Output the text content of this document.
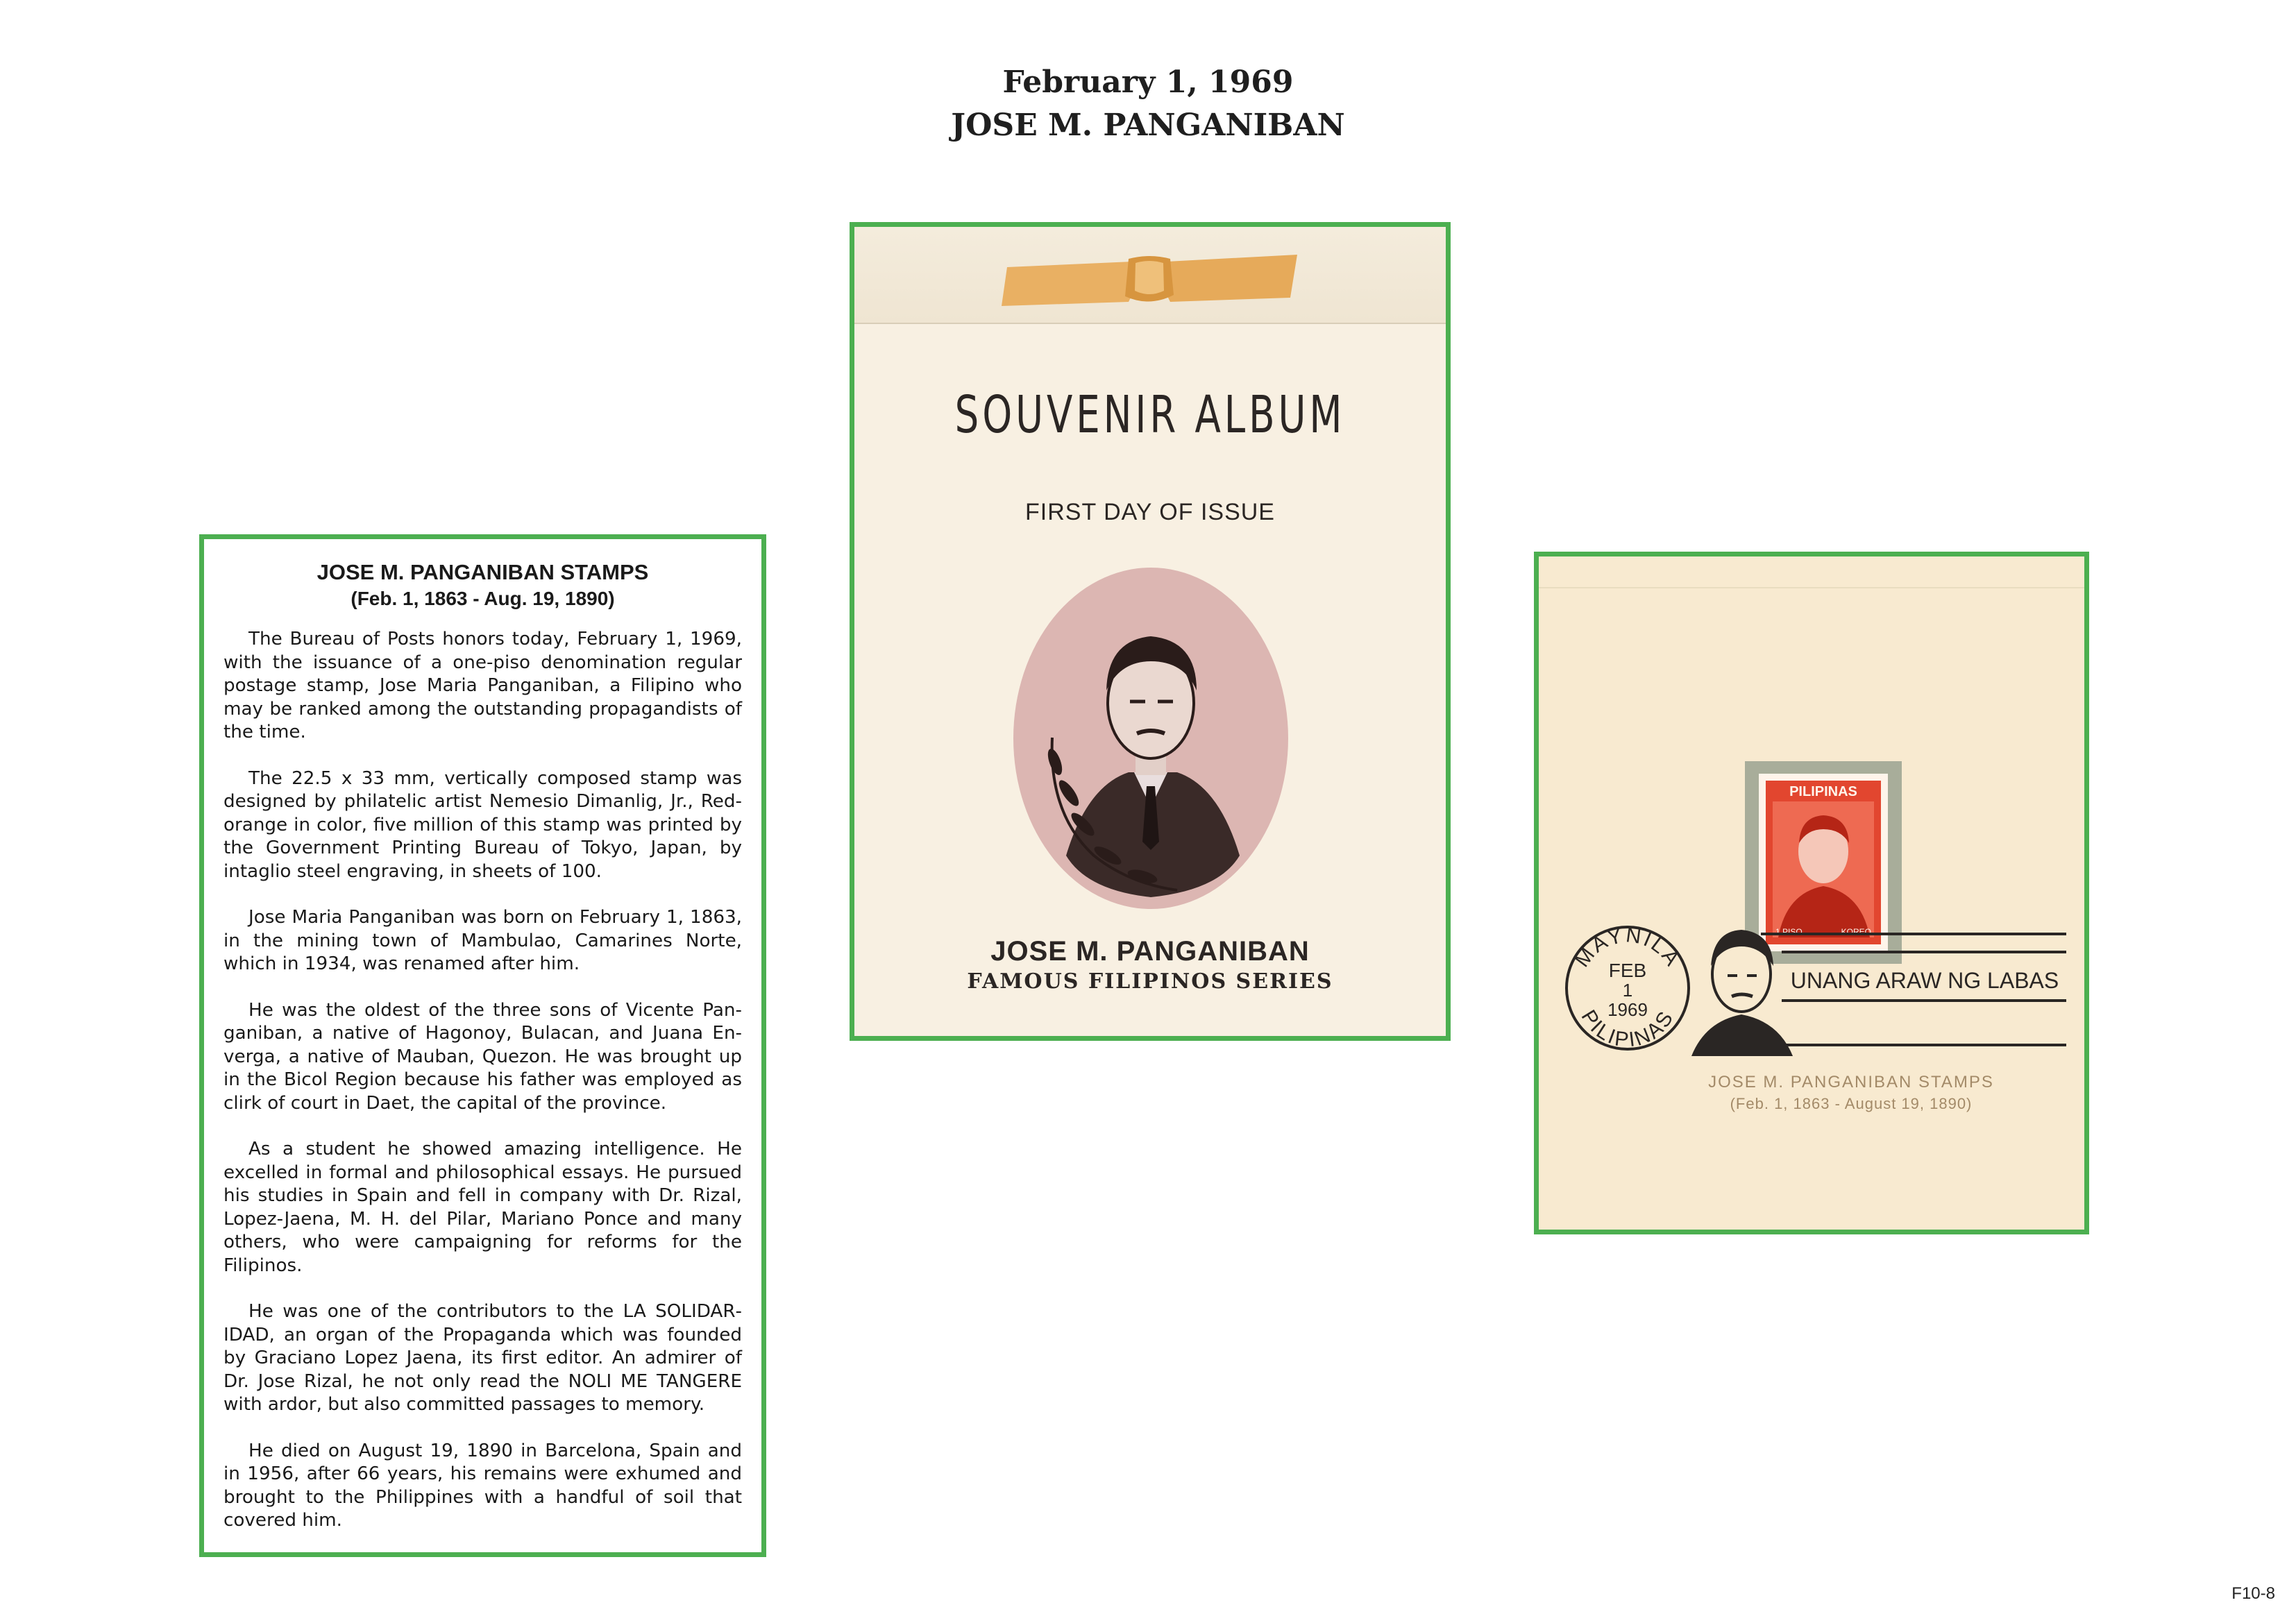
February 1, 1969
JOSE M. PANGANIBAN

JOSE M. PANGANIBAN STAMPS

(Feb. 1, 1863 - Aug. 19, 1890)

The Bureau of Posts honors today, February 1, 1969, with the issuance of a one-piso denomination regular postage stamp, Jose Maria Panganiban, a Filipino who may be ranked among the outstanding propagandists of the time.

The 22.5 x 33 mm, vertically composed stamp was designed by philatelic artist Nemesio Dimanlig, Jr., Red-orange in color, five million of this stamp was printed by the Government Printing Bureau of Tokyo, Japan, by intaglio steel engraving, in sheets of 100.

Jose Maria Panganiban was born on February 1, 1863, in the mining town of Mambulao, Camarines Norte, which in 1934, was renamed after him.

He was the oldest of the three sons of Vicente Panganiban, a native of Hagonoy, Bulacan, and Juana Enverga, a native of Mauban, Quezon. He was brought up in the Bicol Region because his father was employed as clirk of court in Daet, the capital of the province.

As a student he showed amazing intelligence. He excelled in formal and philosophical essays. He pursued his studies in Spain and fell in company with Dr. Rizal, Lopez-Jaena, M. H. del Pilar, Mariano Ponce and many others, who were campaigning for reforms for the Filipinos.

He was one of the contributors to the LA SOLIDARIDAD, an organ of the Propaganda which was founded by Graciano Lopez Jaena, its first editor. An admirer of Dr. Jose Rizal, he not only read the NOLI ME TANGERE with ardor, but also committed passages to memory.

He died on August 19, 1890 in Barcelona, Spain and in 1956, after 66 years, his remains were exhumed and brought to the Philippines with a handful of soil that covered him.

SOUVENIR ALBUM
FIRST DAY OF ISSUE
JOSE M. PANGANIBAN
FAMOUS FILIPINOS SERIES
PILIPINAS
1 PISO	KOREO
MAYNILA
PILIPINAS
FEB
1
1969
UNANG ARAW NG LABAS
JOSE M. PANGANIBAN STAMPS
(Feb. 1, 1863 - August 19, 1890)
F10-8
